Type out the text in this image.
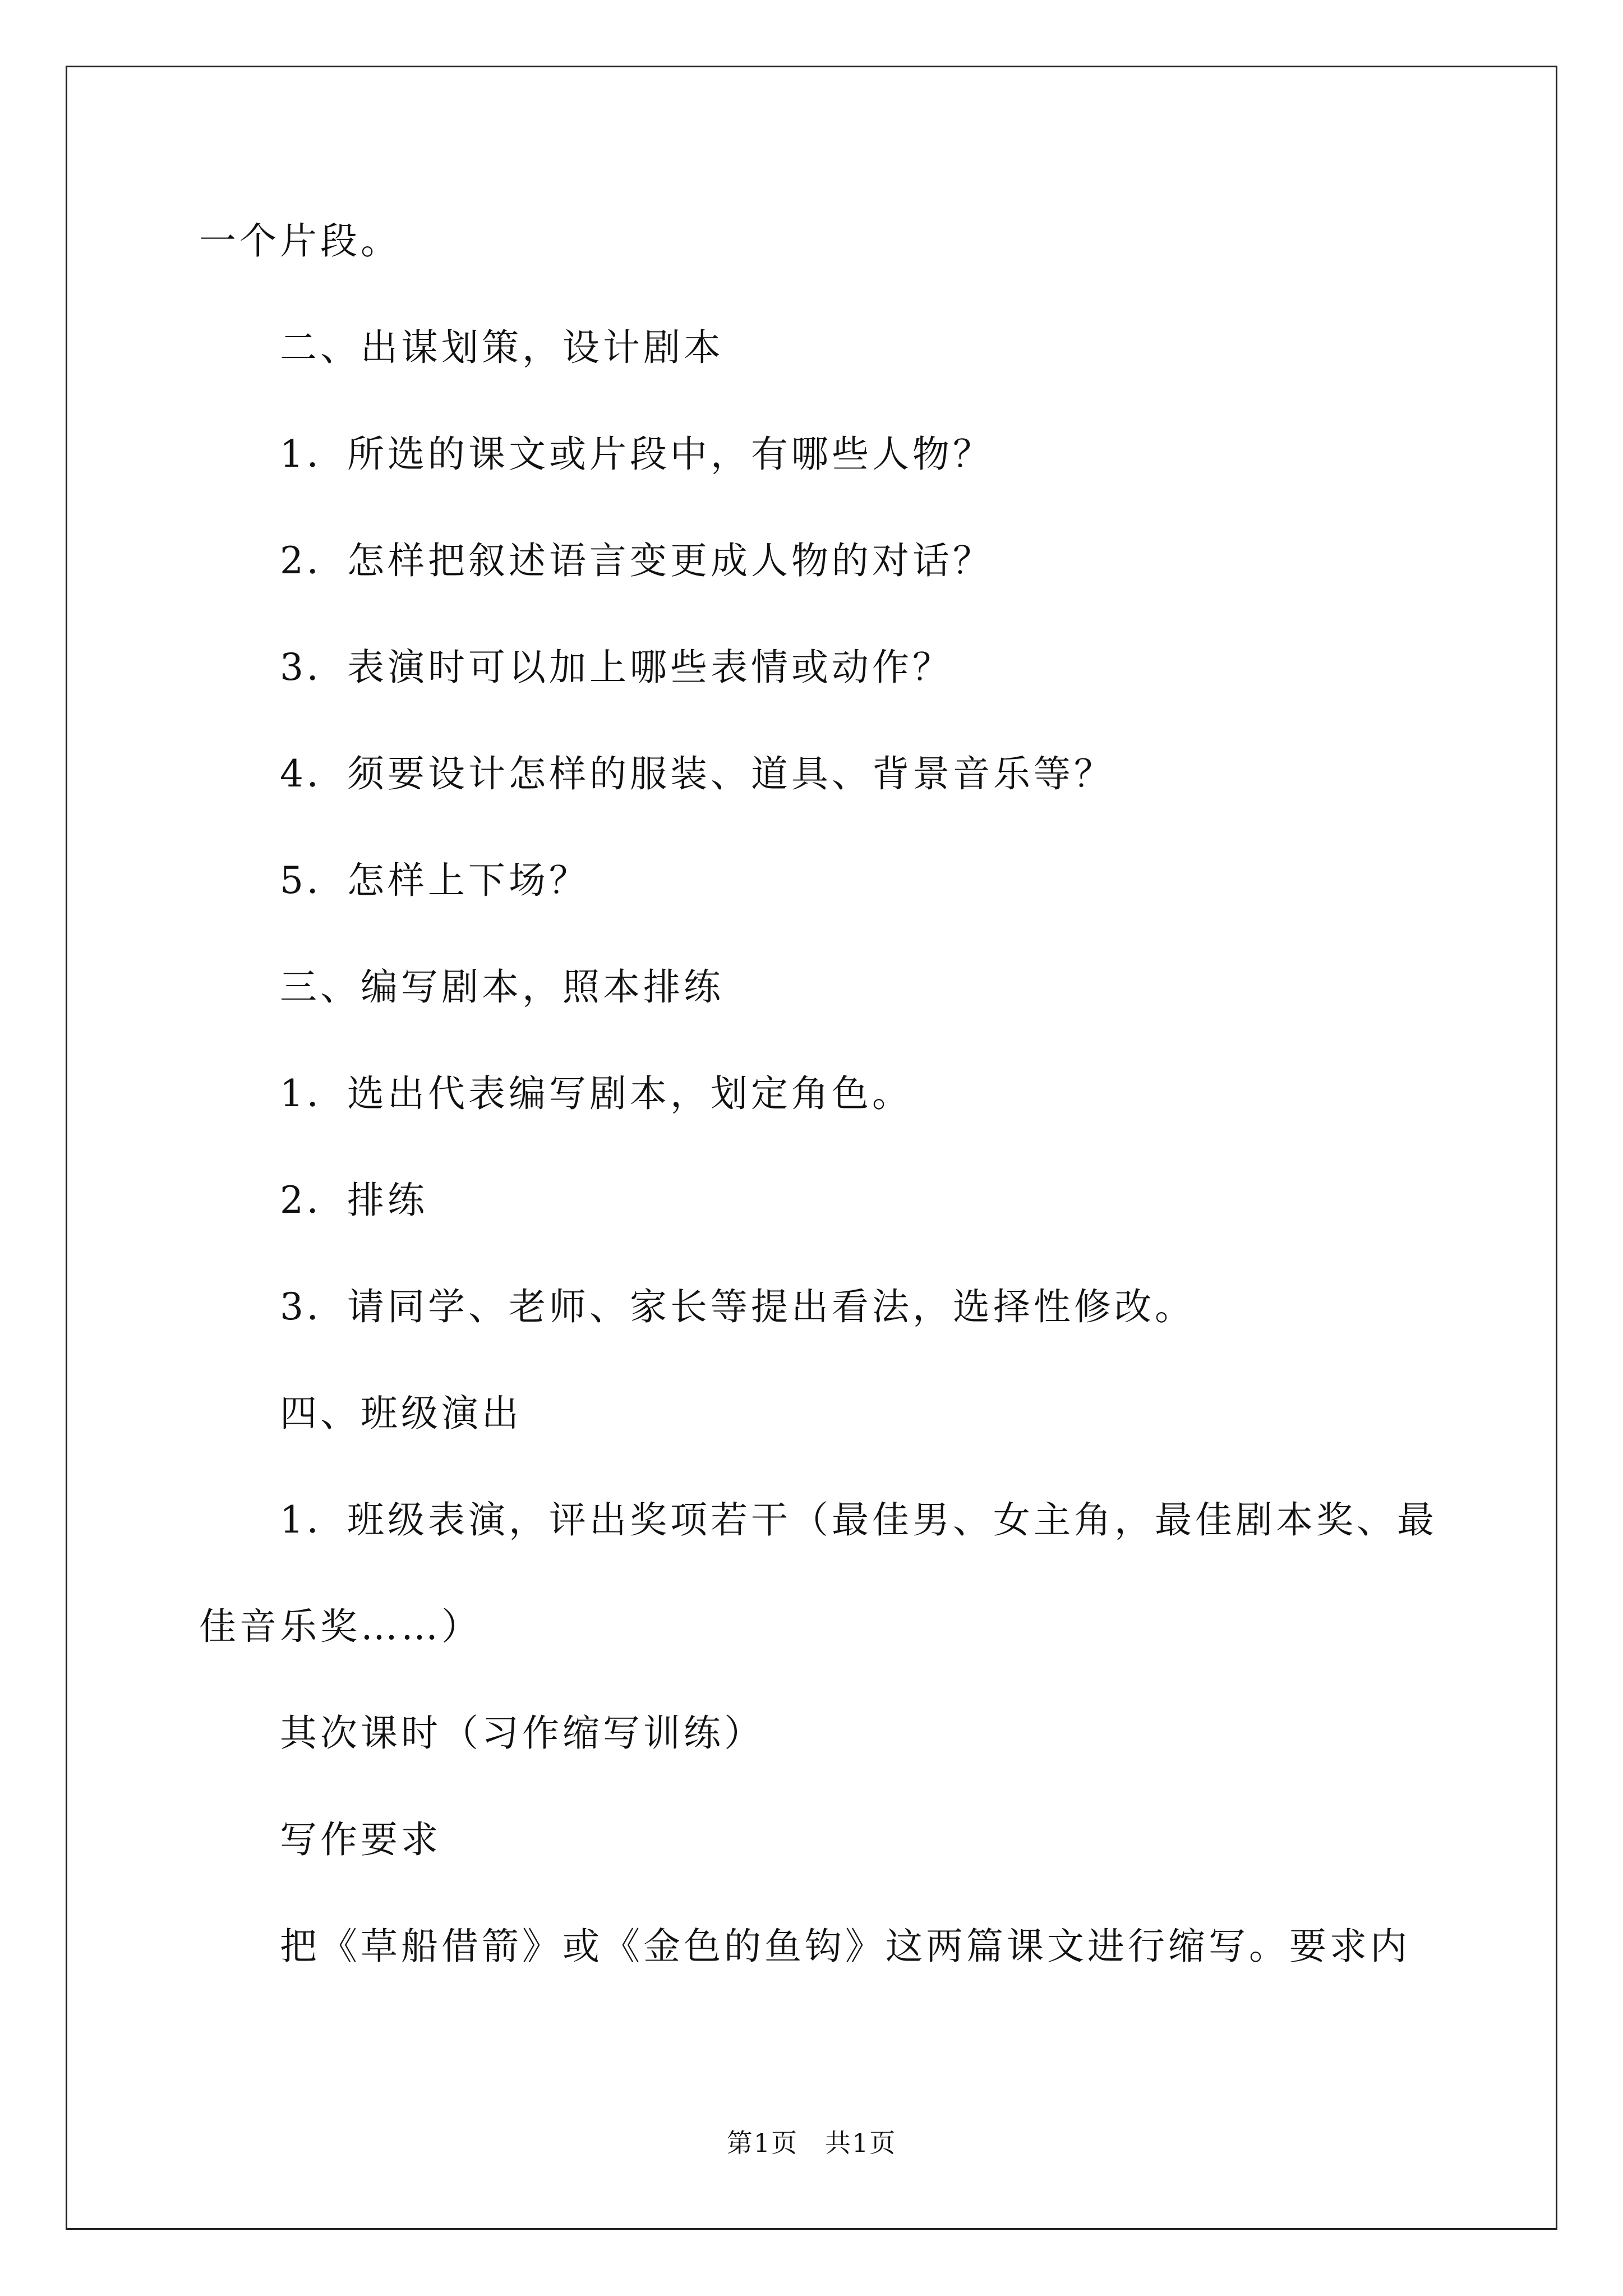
一个片段。
二、出谋划策，设计剧本
1．所选的课文或片段中，有哪些人物？
2．怎样把叙述语言变更成人物的对话？
3．表演时可以加上哪些表情或动作？
4．须要设计怎样的服装、道具、背景音乐等？
5．怎样上下场？
三、编写剧本，照本排练
1．选出代表编写剧本，划定角色。
2．排练
3．请同学、老师、家长等提出看法，选择性修改。
四、班级演出
1．班级表演，评出奖项若干（最佳男、女主角，最佳剧本奖、最
佳音乐奖……）
其次课时（习作缩写训练）
写作要求
把《草船借箭》或《金色的鱼钩》这两篇课文进行缩写。要求内
第1页　共1页
